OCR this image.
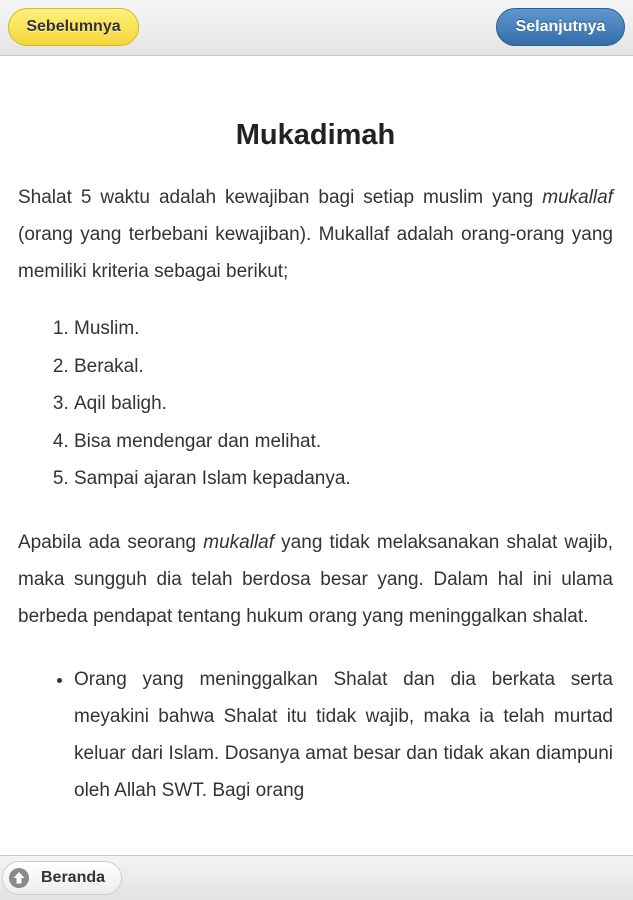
Sebelumnya	Selanjutnya
Mukadimah

Shalat 5 waktu adalah kewajiban bagi setiap muslim yang mukallaf (orang yang terbebani kewajiban). Mukallaf adalah orang-orang yang memiliki kriteria sebagai berikut;

1. Muslim.
2. Berakal.
3. Aqil baligh.
4. Bisa mendengar dan melihat.
5. Sampai ajaran Islam kepadanya.

Apabila ada seorang mukallaf yang tidak melaksanakan shalat wajib, maka sungguh dia telah berdosa besar yang. Dalam hal ini ulama berbeda pendapat tentang hukum orang yang meninggalkan shalat.

• Orang yang meninggalkan Shalat dan dia berkata serta meyakini bahwa Shalat itu tidak wajib, maka ia telah murtad keluar dari Islam. Dosanya amat besar dan tidak akan diampuni oleh Allah SWT. Bagi orang
Beranda
